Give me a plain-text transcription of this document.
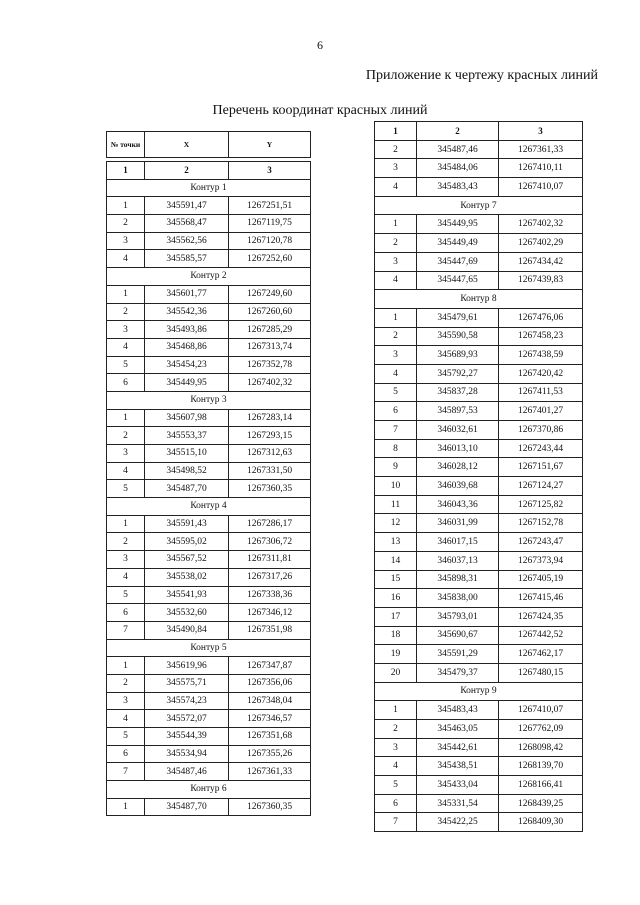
6
Приложение к чертежу красных линий
Перечень координат красных линий
№ точки	X	Y

1	2	3
Контур 1		
1	345591,47	1267251,51
2	345568,47	1267119,75
3	345562,56	1267120,78
4	345585,57	1267252,60
Контур 2		
1	345601,77	1267249,60
2	345542,36	1267260,60
3	345493,86	1267285,29
4	345468,86	1267313,74
5	345454,23	1267352,78
6	345449,95	1267402,32
Контур 3		
1	345607,98	1267283,14
2	345553,37	1267293,15
3	345515,10	1267312,63
4	345498,52	1267331,50
5	345487,70	1267360,35
Контур 4		
1	345591,43	1267286,17
2	345595,02	1267306,72
3	345567,52	1267311,81
4	345538,02	1267317,26
5	345541,93	1267338,36
6	345532,60	1267346,12
7	345490,84	1267351,98
Контур 5		
1	345619,96	1267347,87
2	345575,71	1267356,06
3	345574,23	1267348,04
4	345572,07	1267346,57
5	345544,39	1267351,68
6	345534,94	1267355,26
7	345487,46	1267361,33
Контур 6		
1	345487,70	1267360,35
1	2	3
2	345487,46	1267361,33
3	345484,06	1267410,11
4	345483,43	1267410,07
Контур 7		
1	345449,95	1267402,32
2	345449,49	1267402,29
3	345447,69	1267434,42
4	345447,65	1267439,83
Контур 8		
1	345479,61	1267476,06
2	345590,58	1267458,23
3	345689,93	1267438,59
4	345792,27	1267420,42
5	345837,28	1267411,53
6	345897,53	1267401,27
7	346032,61	1267370,86
8	346013,10	1267243,44
9	346028,12	1267151,67
10	346039,68	1267124,27
11	346043,36	1267125,82
12	346031,99	1267152,78
13	346017,15	1267243,47
14	346037,13	1267373,94
15	345898,31	1267405,19
16	345838,00	1267415,46
17	345793,01	1267424,35
18	345690,67	1267442,52
19	345591,29	1267462,17
20	345479,37	1267480,15
Контур 9		
1	345483,43	1267410,07
2	345463,05	1267762,09
3	345442,61	1268098,42
4	345438,51	1268139,70
5	345433,04	1268166,41
6	345331,54	1268439,25
7	345422,25	1268409,30
